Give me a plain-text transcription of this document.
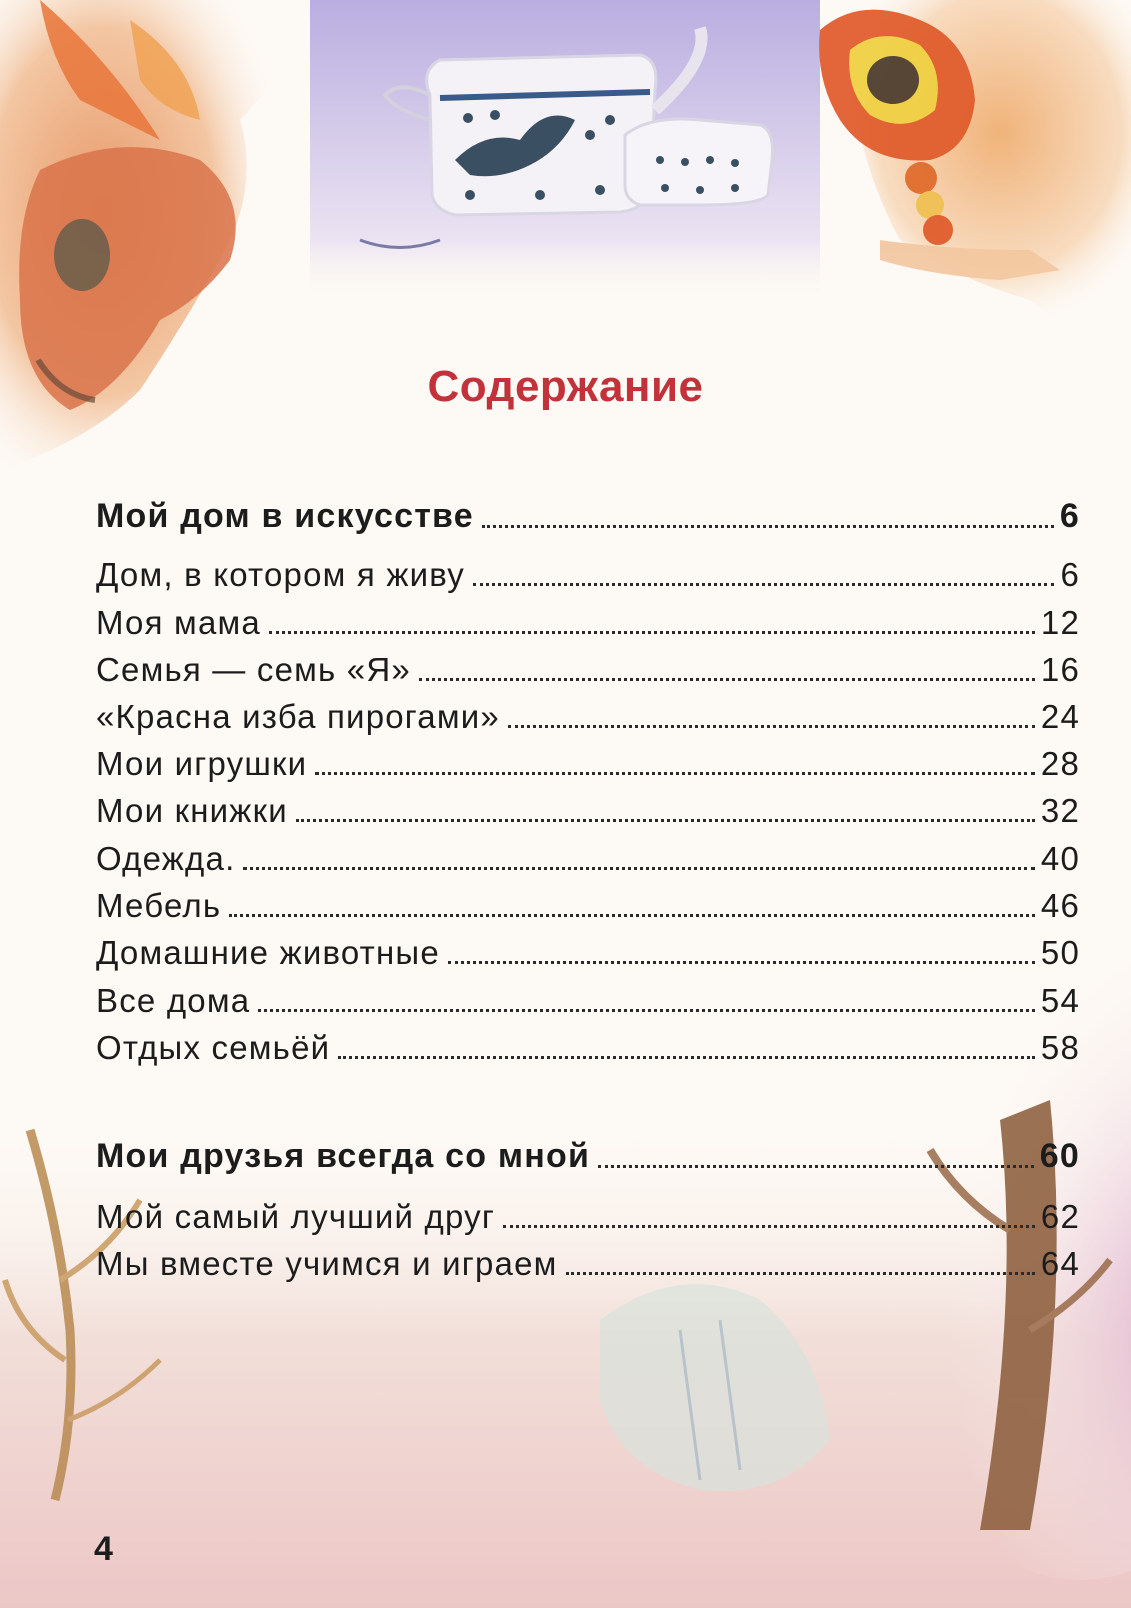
Содержание
Мой дом в искусстве	6
Дом, в котором я живу	6
Моя мама	12
Семья — семь «Я»	16
«Красна изба пирогами»	24
Мои игрушки	28
Мои книжки	32
Одежда.	40
Мебель	46
Домашние животные	50
Все дома	54
Отдых семьёй	58
Мои друзья всегда со мной	60
Мой самый лучший друг	62
Мы вместе учимся и играем	64
4
